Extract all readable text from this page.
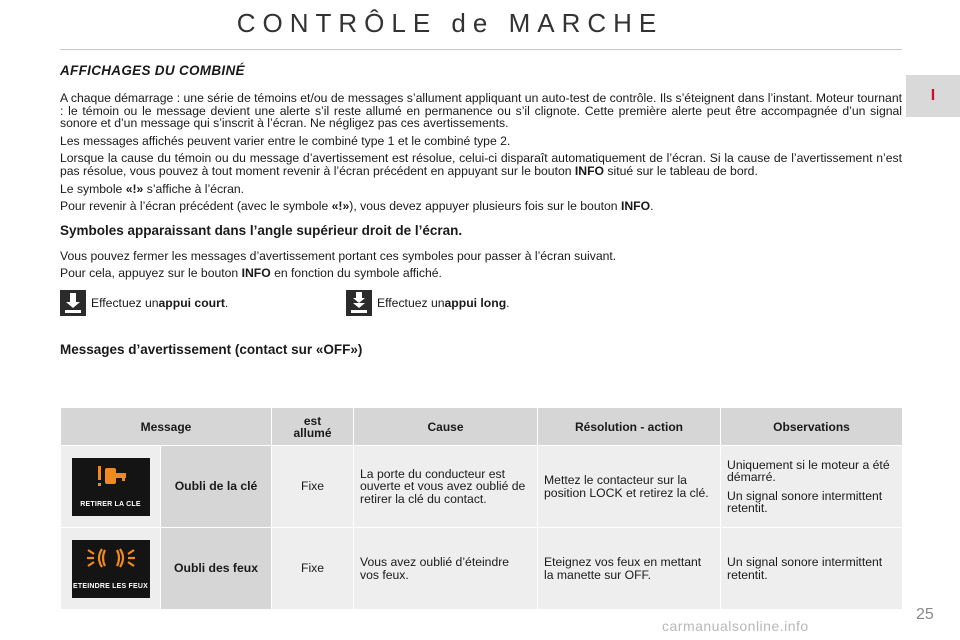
CONTRÔLE de MARCHE
I
AFFICHAGES DU COMBINÉ

A chaque démarrage : une série de témoins et/ou de messages s’allument appliquant un auto-test de contrôle. Ils s’éteignent dans l’instant. Moteur tournant : le témoin ou le message devient une alerte s’il reste allumé en permanence ou s’il clignote. Cette première alerte peut être accompagnée d’un signal sonore et d’un message qui s’inscrit à l’écran. Ne négligez pas ces avertissements.

Les messages affichés peuvent varier entre le combiné type 1 et le combiné type 2.

Lorsque la cause du témoin ou du message d’avertissement est résolue, celui-ci disparaît automatiquement de l’écran. Si la cause de l’avertissement n’est pas résolue, vous pouvez à tout moment revenir à l’écran précédent en appuyant sur le bouton INFO situé sur le tableau de bord.

Le symbole «!» s’affiche à l’écran.

Pour revenir à l’écran précédent (avec le symbole «!»), vous devez appuyer plusieurs fois sur le bouton INFO.

Symboles apparaissant dans l’angle supérieur droit de l’écran.

Vous pouvez fermer les messages d’avertissement portant ces symboles pour passer à l’écran suivant.

Pour cela, appuyez sur le bouton INFO en fonction du symbole affiché.

Effectuez un appui court .	Effectuez un appui long .
Messages d’avertissement (contact sur «OFF»)
Message		est
allumé	Cause	Résolution - action	Observations

RETIRER LA CLE	Oubli de la clé	Fixe	La porte du conducteur est ouverte et vous avez oublié de retirer la clé du contact.	Mettez le contacteur sur la position LOCK et retirez la clé.	Uniquement si le moteur a été démarré.
Un signal sonore intermittent retentit.

ETEINDRE LES FEUX	Oubli des feux	Fixe	Vous avez oublié d’éteindre vos feux.	Eteignez vos feux en mettant la manette sur OFF.	Un signal sonore intermittent retentit.
25
carmanualsonline.info
